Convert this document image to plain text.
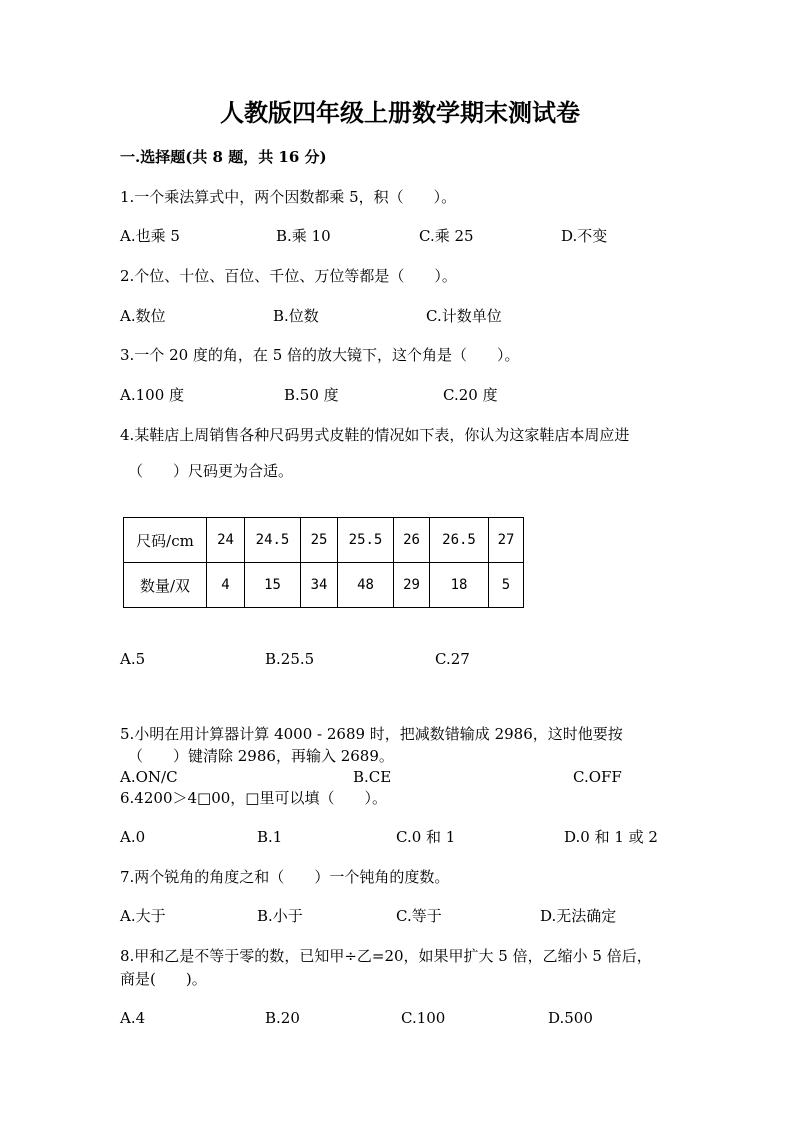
人教版四年级上册数学期末测试卷
一.选择题(共 8 题，共 16 分)
1.一个乘法算式中，两个因数都乘 5，积（　　）。
A.也乘 5	B.乘 10	C.乘 25	D.不变
2.个位、十位、百位、千位、万位等都是（　　）。
A.数位	B.位数	C.计数单位
3.一个 20 度的角，在 5 倍的放大镜下，这个角是（　　）。
A.100 度	B.50 度	C.20 度
4.某鞋店上周销售各种尺码男式皮鞋的情况如下表，你认为这家鞋店本周应进
（　　）尺码更为合适。
尺码/cm	24	24.5	25	25.5	26	26.5	27
数量/双	4	15	34	48	29	18	5
A.5	B.25.5	C.27
5.小明在用计算器计算 4000 - 2689 时，把减数错输成 2986，这时他要按
（　　）键清除 2986，再输入 2689。
A.ON/C	B.CE	C.OFF
6.4200＞4□00，□里可以填（　　）。
A.0	B.1	C.0 和 1	D.0 和 1 或 2
7.两个锐角的角度之和（　　）一个钝角的度数。
A.大于	B.小于	C.等于	D.无法确定
8.甲和乙是不等于零的数，已知甲÷乙=20，如果甲扩大 5 倍，乙缩小 5 倍后，
商是(　　)。
A.4	B.20	C.100	D.500
